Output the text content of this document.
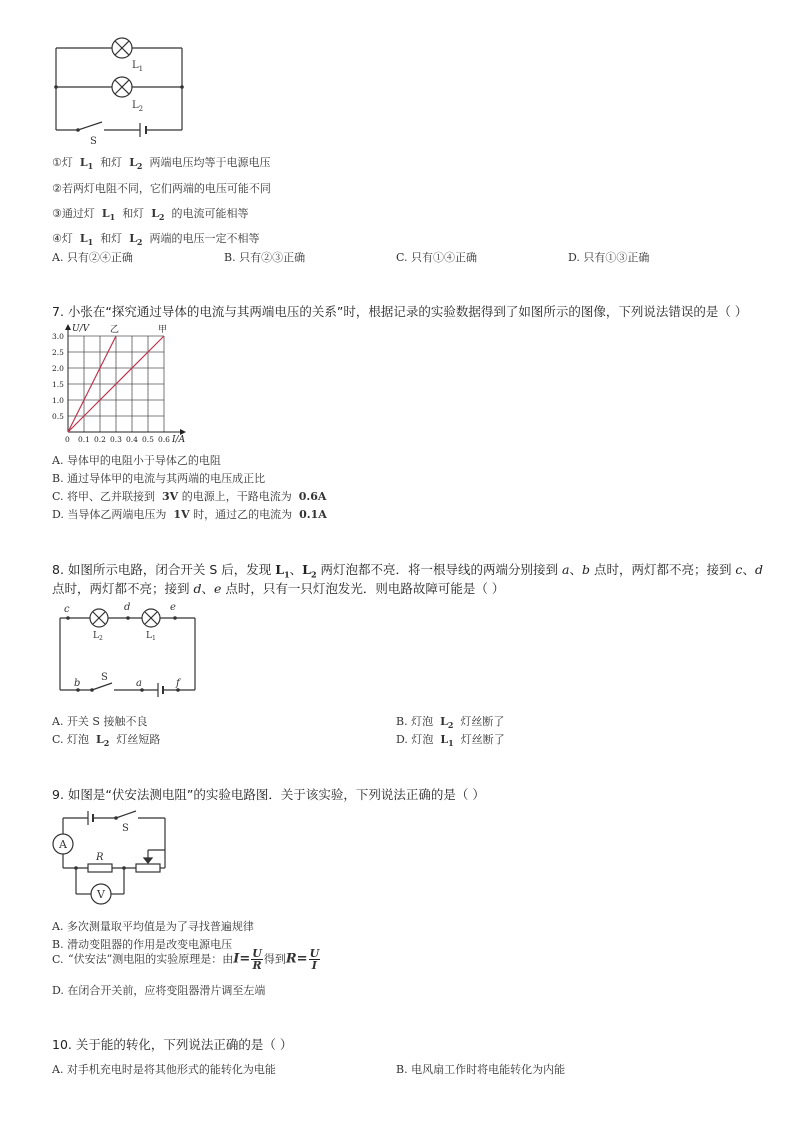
$L_1$
$L_2$
S
①灯 $L_1$ 和灯 $L_2$ 两端电压均等于电源电压
②若两灯电阻不同，它们两端的电压可能不同
③通过灯 $L_1$ 和灯 $L_2$ 的电流可能相等
④灯 $L_1$ 和灯 $L_2$ 两端的电压一定不相等
A. 只有②④正确	B. 只有②③正确	C. 只有①④正确	D. 只有①③正确
7. 小张在“探究通过导体的电流与其两端电压的关系”时，根据记录的实验数据得到了如图所示的图像，下列说法错误的是（ ）
0 0.1 0.2 0.3 0.4 0.5 0.6
0.5
1.0
1.5
2.0
2.5
3.0
I/A
U/V 乙	甲
A. 导体甲的电阻小于导体乙的电阻
B. 通过导体甲的电流与其两端的电压成正比
C. 将甲、乙并联接到 3V 的电源上，干路电流为 0.6A
D. 当导体乙两端电压为 1V 时，通过乙的电流为 0.1A
8. 如图所示电路，闭合开关 S 后，发现 $L_1$、$L_2$ 两灯泡都不亮．将一根导线的两端分别接到 a、b 点时，两灯都不亮；接到 c、d
点时，两灯都不亮；接到 d、e 点时，只有一只灯泡发光．则电路故障可能是（ ）
c	d	e
$L_2$	$L_1$
b
S
a	f
A. 开关 S 接触不良	B. 灯泡 $L_2$ 灯丝断了
C. 灯泡 $L_2$ 灯丝短路	D. 灯泡 $L_1$ 灯丝断了
9. 如图是“伏安法测电阻”的实验电路图．关于该实验，下列说法正确的是（ ）
A
V
R
S
A. 多次测量取平均值是为了寻找普遍规律
B. 滑动变阻器的作用是改变电源电压
C. “伏安法”测电阻的实验原理是：由$I= \frac{U}{R}$ 得到$R= \frac{U}{I}$
D. 在闭合开关前，应将变阻器滑片调至左端
10. 关于能的转化，下列说法正确的是（ ）
A. 对手机充电时是将其他形式的能转化为电能	B. 电风扇工作时将电能转化为内能
